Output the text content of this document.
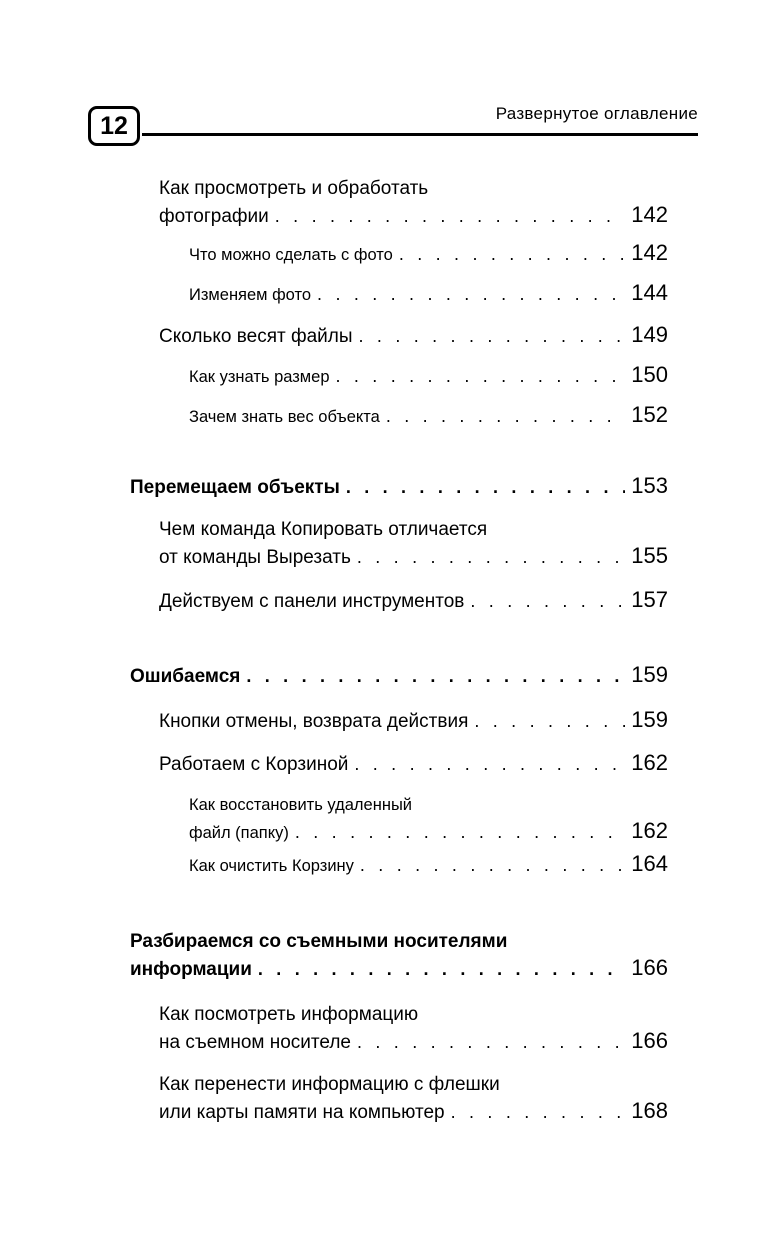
12	Развернутое оглавление
Как просмотреть и обработать
фотографии . . .	142
Что можно сделать с фото . . .	142
Изменяем фото . . .	144
Сколько весят файлы . . .	149
Как узнать размер . . .	150
Зачем знать вес объекта . . .	152
Перемещаем объекты . . .	153
Чем команда Копировать отличается
от команды Вырезать . . .	155
Действуем с панели инструментов . . .	157
Ошибаемся . . .	159
Кнопки отмены, возврата действия . . .	159
Работаем с Корзиной . . .	162
Как восстановить удаленный
файл (папку) . . .	162
Как очистить Корзину . . .	164
Разбираемся со съемными носителями
информации . . .	166
Как посмотреть информацию
на съемном носителе . . .	166
Как перенести информацию с флешки
или карты памяти на компьютер . . .	168
